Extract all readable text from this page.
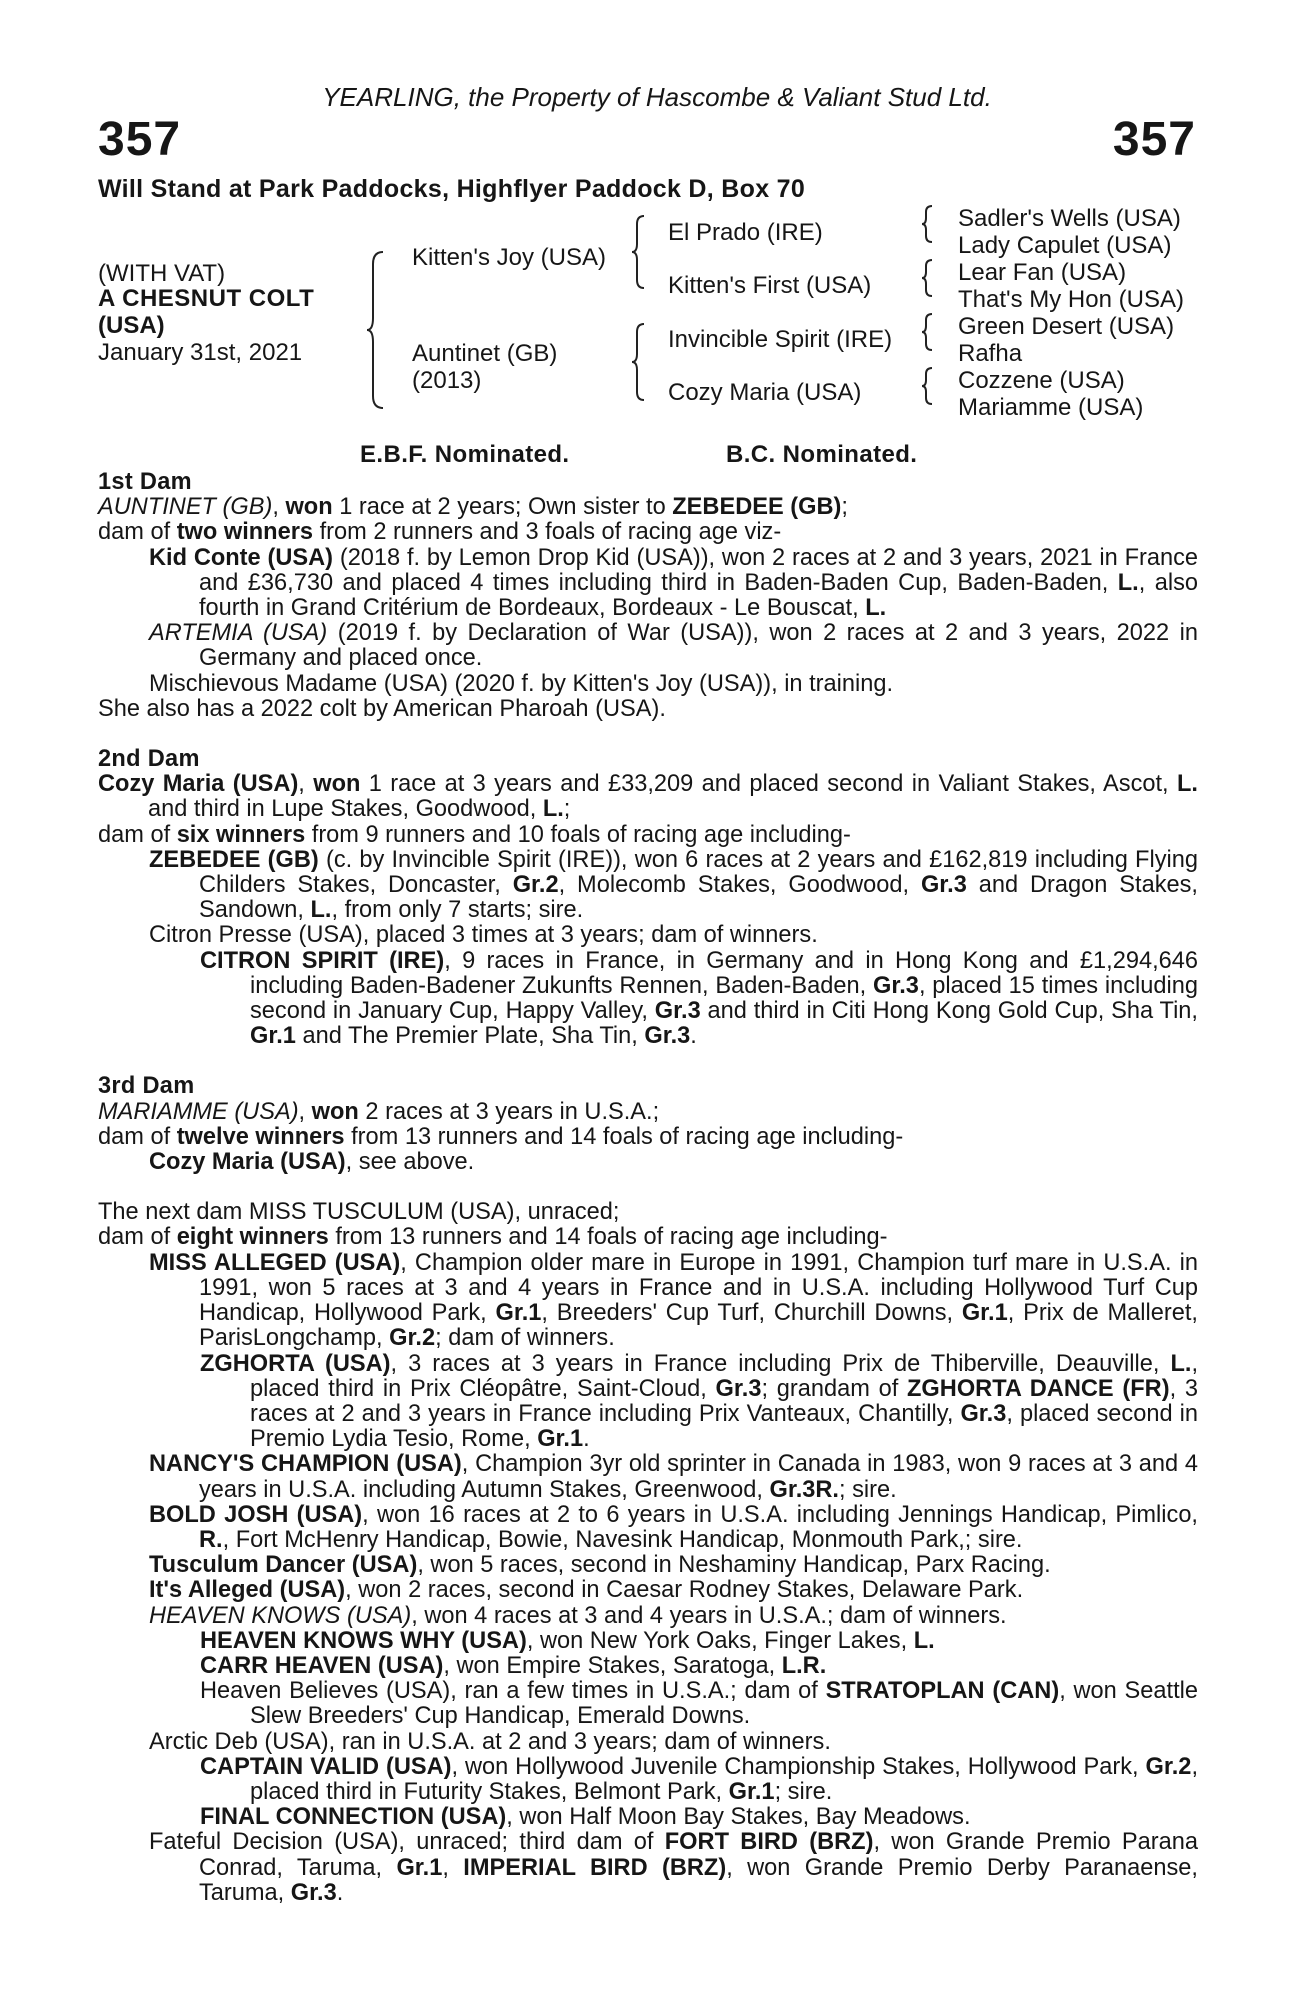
YEARLING, the Property of Hascombe & Valiant Stud Ltd.
357	357
Will Stand at Park Paddocks, Highflyer Paddock D, Box 70
(WITH VAT)
A CHESNUT COLT
(USA)
January 31st, 2021
Kitten's Joy (USA)
Auntinet (GB)
(2013)
El Prado (IRE)
Kitten's First (USA)
Invincible Spirit (IRE)
Cozy Maria (USA)
Sadler's Wells (USA)
Lady Capulet (USA)
Lear Fan (USA)
That's My Hon (USA)
Green Desert (USA)
Rafha
Cozzene (USA)
Mariamme (USA)
E.B.F. Nominated.	B.C. Nominated.
1st Dam

AUNTINET (GB), won 1 race at 2 years; Own sister to ZEBEDEE (GB);

dam of two winners from 2 runners and 3 foals of racing age viz-

Kid Conte (USA) (2018 f. by Lemon Drop Kid (USA)), won 2 races at 2 and 3 years, 2021 in France and £36,730 and placed 4 times including third in Baden-Baden Cup, Baden-Baden, L., also fourth in Grand Critérium de Bordeaux, Bordeaux - Le Bouscat, L.

ARTEMIA (USA) (2019 f. by Declaration of War (USA)), won 2 races at 2 and 3 years, 2022 in Germany and placed once.

Mischievous Madame (USA) (2020 f. by Kitten's Joy (USA)), in training.

She also has a 2022 colt by American Pharoah (USA).

2nd Dam

Cozy Maria (USA), won 1 race at 3 years and £33,209 and placed second in Valiant Stakes, Ascot, L. and third in Lupe Stakes, Goodwood, L.;

dam of six winners from 9 runners and 10 foals of racing age including-

ZEBEDEE (GB) (c. by Invincible Spirit (IRE)), won 6 races at 2 years and £162,819 including Flying Childers Stakes, Doncaster, Gr.2, Molecomb Stakes, Goodwood, Gr.3 and Dragon Stakes, Sandown, L., from only 7 starts; sire.

Citron Presse (USA), placed 3 times at 3 years; dam of winners.

CITRON SPIRIT (IRE), 9 races in France, in Germany and in Hong Kong and £1,294,646 including Baden-Badener Zukunfts Rennen, Baden-Baden, Gr.3, placed 15 times including second in January Cup, Happy Valley, Gr.3 and third in Citi Hong Kong Gold Cup, Sha Tin, Gr.1 and The Premier Plate, Sha Tin, Gr.3.

3rd Dam

MARIAMME (USA), won 2 races at 3 years in U.S.A.;

dam of twelve winners from 13 runners and 14 foals of racing age including-

Cozy Maria (USA), see above.

The next dam MISS TUSCULUM (USA), unraced;

dam of eight winners from 13 runners and 14 foals of racing age including-

MISS ALLEGED (USA), Champion older mare in Europe in 1991, Champion turf mare in U.S.A. in 1991, won 5 races at 3 and 4 years in France and in U.S.A. including Hollywood Turf Cup Handicap, Hollywood Park, Gr.1, Breeders' Cup Turf, Churchill Downs, Gr.1, Prix de Malleret, ParisLongchamp, Gr.2; dam of winners.

ZGHORTA (USA), 3 races at 3 years in France including Prix de Thiberville, Deauville, L., placed third in Prix Cléopâtre, Saint-Cloud, Gr.3; grandam of ZGHORTA DANCE (FR), 3 races at 2 and 3 years in France including Prix Vanteaux, Chantilly, Gr.3, placed second in Premio Lydia Tesio, Rome, Gr.1.

NANCY'S CHAMPION (USA), Champion 3yr old sprinter in Canada in 1983, won 9 races at 3 and 4 years in U.S.A. including Autumn Stakes, Greenwood, Gr.3R.; sire.

BOLD JOSH (USA), won 16 races at 2 to 6 years in U.S.A. including Jennings Handicap, Pimlico, R., Fort McHenry Handicap, Bowie, Navesink Handicap, Monmouth Park,; sire.

Tusculum Dancer (USA), won 5 races, second in Neshaminy Handicap, Parx Racing.

It's Alleged (USA), won 2 races, second in Caesar Rodney Stakes, Delaware Park.

HEAVEN KNOWS (USA), won 4 races at 3 and 4 years in U.S.A.; dam of winners.

HEAVEN KNOWS WHY (USA), won New York Oaks, Finger Lakes, L.

CARR HEAVEN (USA), won Empire Stakes, Saratoga, L.R.

Heaven Believes (USA), ran a few times in U.S.A.; dam of STRATOPLAN (CAN), won Seattle Slew Breeders' Cup Handicap, Emerald Downs.

Arctic Deb (USA), ran in U.S.A. at 2 and 3 years; dam of winners.

CAPTAIN VALID (USA), won Hollywood Juvenile Championship Stakes, Hollywood Park, Gr.2, placed third in Futurity Stakes, Belmont Park, Gr.1; sire.

FINAL CONNECTION (USA), won Half Moon Bay Stakes, Bay Meadows.

Fateful Decision (USA), unraced; third dam of FORT BIRD (BRZ), won Grande Premio Parana Conrad, Taruma, Gr.1, IMPERIAL BIRD (BRZ), won Grande Premio Derby Paranaense, Taruma, Gr.3.
